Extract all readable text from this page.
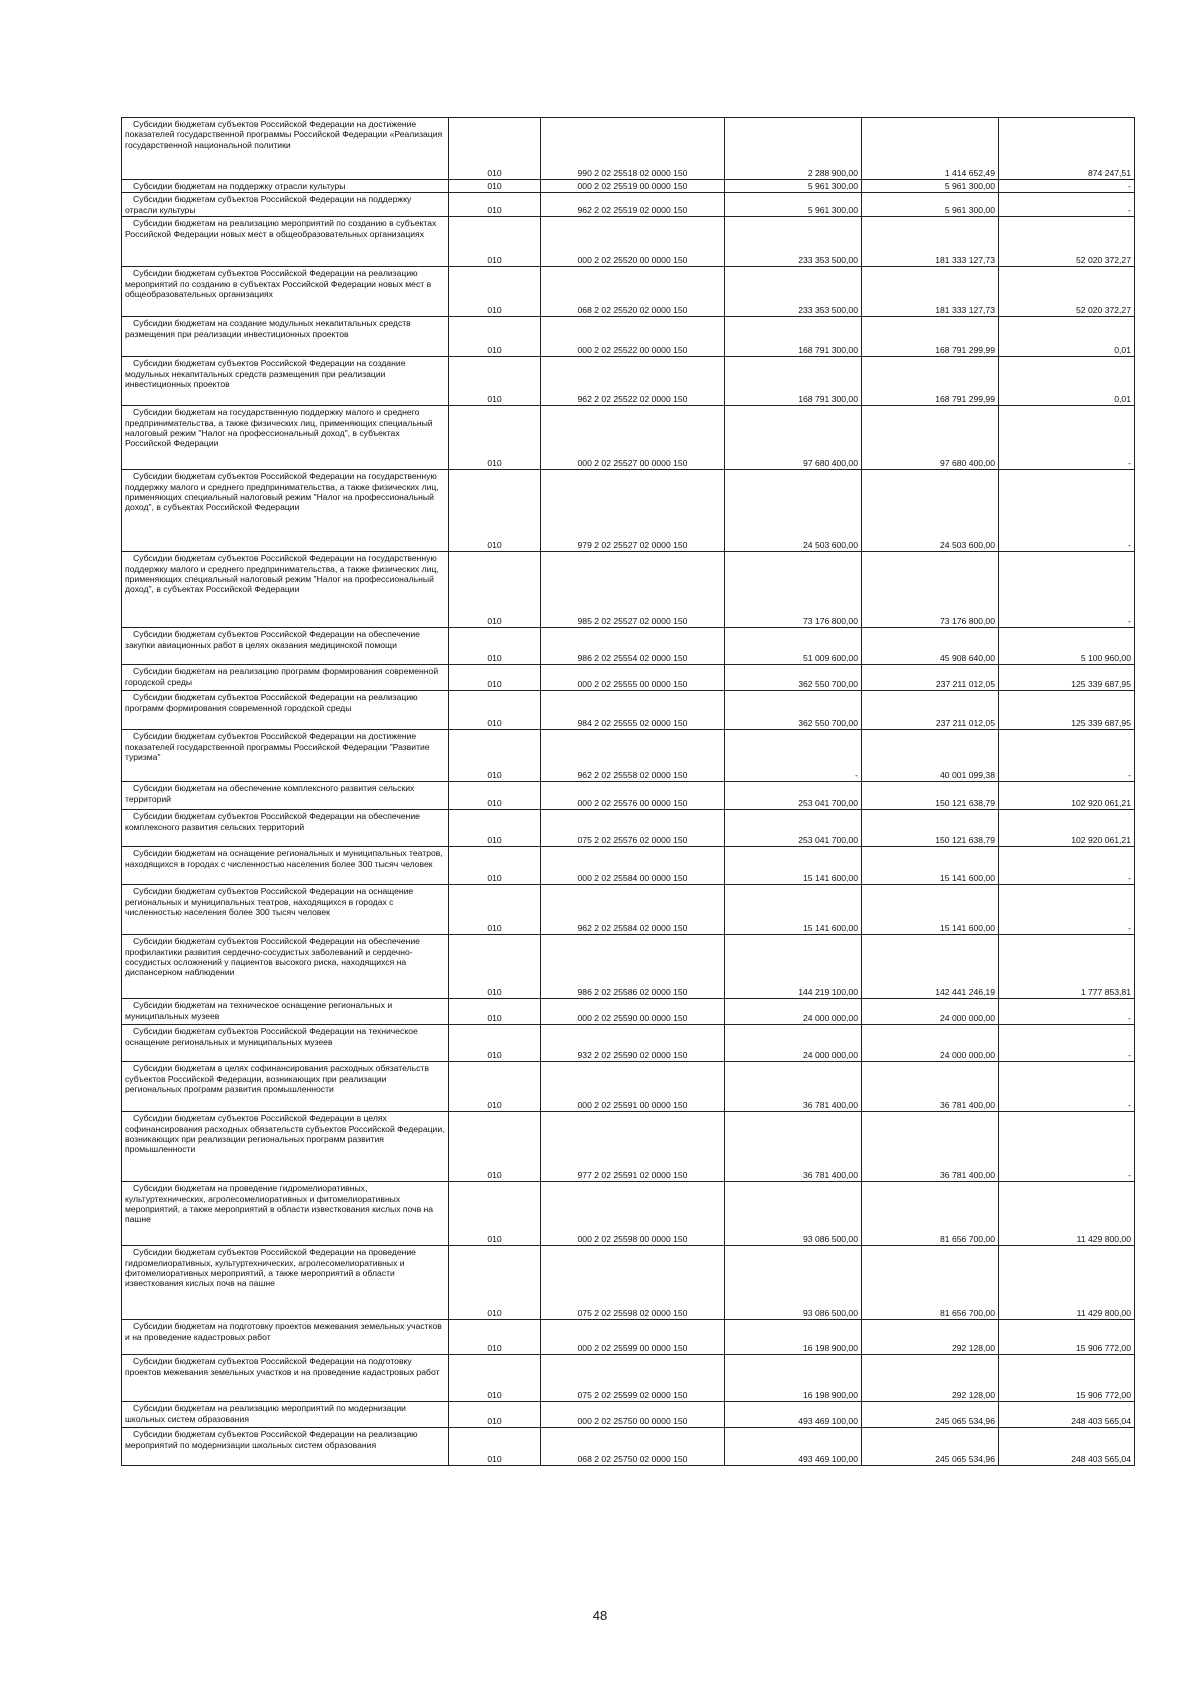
Субсидии бюджетам субъектов Российской Федерации на достижение показателей государственной программы Российской Федерации «Реализация государственной национальной политики	010	990 2 02 25518 02 0000 150	2 288 900,00	1 414 652,49	874 247,51
Субсидии бюджетам на поддержку отрасли культуры	010	000 2 02 25519 00 0000 150	5 961 300,00	5 961 300,00	-
Субсидии бюджетам субъектов Российской Федерации на поддержку отрасли культуры	010	962 2 02 25519 02 0000 150	5 961 300,00	5 961 300,00	-
Субсидии бюджетам на реализацию мероприятий по созданию в субъектах Российской Федерации новых мест в общеобразовательных организациях	010	000 2 02 25520 00 0000 150	233 353 500,00	181 333 127,73	52 020 372,27
Субсидии бюджетам субъектов Российской Федерации на реализацию мероприятий по созданию в субъектах Российской Федерации новых мест в общеобразовательных организациях	010	068 2 02 25520 02 0000 150	233 353 500,00	181 333 127,73	52 020 372,27
Субсидии бюджетам на создание модульных некапитальных средств размещения при реализации инвестиционных проектов	010	000 2 02 25522 00 0000 150	168 791 300,00	168 791 299,99	0,01
Субсидии бюджетам субъектов Российской Федерации на создание модульных некапитальных средств размещения при реализации инвестиционных проектов	010	962 2 02 25522 02 0000 150	168 791 300,00	168 791 299,99	0,01
Субсидии бюджетам на государственную поддержку малого и среднего предпринимательства, а также физических лиц, применяющих специальный налоговый режим "Налог на профессиональный доход", в субъектах Российской Федерации	010	000 2 02 25527 00 0000 150	97 680 400,00	97 680 400,00	-
Субсидии бюджетам субъектов Российской Федерации на государственную поддержку малого и среднего предпринимательства, а также физических лиц, применяющих специальный налоговый режим "Налог на профессиональный доход", в субъектах Российской Федерации	010	979 2 02 25527 02 0000 150	24 503 600,00	24 503 600,00	-
Субсидии бюджетам субъектов Российской Федерации на государственную поддержку малого и среднего предпринимательства, а также физических лиц, применяющих специальный налоговый режим "Налог на профессиональный доход", в субъектах Российской Федерации	010	985 2 02 25527 02 0000 150	73 176 800,00	73 176 800,00	-
Субсидии бюджетам субъектов Российской Федерации на обеспечение закупки авиационных работ в целях оказания медицинской помощи	010	986 2 02 25554 02 0000 150	51 009 600,00	45 908 640,00	5 100 960,00
Субсидии бюджетам на реализацию программ формирования современной городской среды	010	000 2 02 25555 00 0000 150	362 550 700,00	237 211 012,05	125 339 687,95
Субсидии бюджетам субъектов Российской Федерации на реализацию программ формирования современной городской среды	010	984 2 02 25555 02 0000 150	362 550 700,00	237 211 012,05	125 339 687,95
Субсидии бюджетам субъектов Российской Федерации на достижение показателей государственной программы Российской Федерации "Развитие туризма"	010	962 2 02 25558 02 0000 150	-	40 001 099,38	-
Субсидии бюджетам на обеспечение комплексного развития сельских территорий	010	000 2 02 25576 00 0000 150	253 041 700,00	150 121 638,79	102 920 061,21
Субсидии бюджетам субъектов Российской Федерации на обеспечение комплексного развития сельских территорий	010	075 2 02 25576 02 0000 150	253 041 700,00	150 121 638,79	102 920 061,21
Субсидии бюджетам на оснащение региональных и муниципальных театров, находящихся в городах с численностью населения более 300 тысяч человек	010	000 2 02 25584 00 0000 150	15 141 600,00	15 141 600,00	-
Субсидии бюджетам субъектов Российской Федерации на оснащение региональных и муниципальных театров, находящихся в городах с численностью населения более 300 тысяч человек	010	962 2 02 25584 02 0000 150	15 141 600,00	15 141 600,00	-
Субсидии бюджетам субъектов Российской Федерации на обеспечение профилактики развития сердечно-сосудистых заболеваний и сердечно-сосудистых осложнений у пациентов высокого риска, находящихся на диспансерном наблюдении	010	986 2 02 25586 02 0000 150	144 219 100,00	142 441 246,19	1 777 853,81
Субсидии бюджетам на техническое оснащение региональных и муниципальных музеев	010	000 2 02 25590 00 0000 150	24 000 000,00	24 000 000,00	-
Субсидии бюджетам субъектов Российской Федерации на техническое оснащение региональных и муниципальных музеев	010	932 2 02 25590 02 0000 150	24 000 000,00	24 000 000,00	-
Субсидии бюджетам в целях софинансирования расходных обязательств субъектов Российской Федерации, возникающих при реализации региональных программ развития промышленности	010	000 2 02 25591 00 0000 150	36 781 400,00	36 781 400,00	-
Субсидии бюджетам субъектов Российской Федерации в целях софинансирования расходных обязательств субъектов Российской Федерации, возникающих при реализации региональных программ развития промышленности	010	977 2 02 25591 02 0000 150	36 781 400,00	36 781 400,00	-
Субсидии бюджетам на проведение гидромелиоративных, культуртехнических, агролесомелиоративных и фитомелиоративных мероприятий, а также мероприятий в области известкования кислых почв на пашне	010	000 2 02 25598 00 0000 150	93 086 500,00	81 656 700,00	11 429 800,00
Субсидии бюджетам субъектов Российской Федерации на проведение гидромелиоративных, культуртехнических, агролесомелиоративных и фитомелиоративных мероприятий, а также мероприятий в области известкования кислых почв на пашне	010	075 2 02 25598 02 0000 150	93 086 500,00	81 656 700,00	11 429 800,00
Субсидии бюджетам на подготовку проектов межевания земельных участков и на проведение кадастровых работ	010	000 2 02 25599 00 0000 150	16 198 900,00	292 128,00	15 906 772,00
Субсидии бюджетам субъектов Российской Федерации на подготовку проектов межевания земельных участков и на проведение кадастровых работ	010	075 2 02 25599 02 0000 150	16 198 900,00	292 128,00	15 906 772,00
Субсидии бюджетам на реализацию мероприятий по модернизации школьных систем образования	010	000 2 02 25750 00 0000 150	493 469 100,00	245 065 534,96	248 403 565,04
Субсидии бюджетам субъектов Российской Федерации на реализацию мероприятий по модернизации школьных систем образования	010	068 2 02 25750 02 0000 150	493 469 100,00	245 065 534,96	248 403 565,04
48
